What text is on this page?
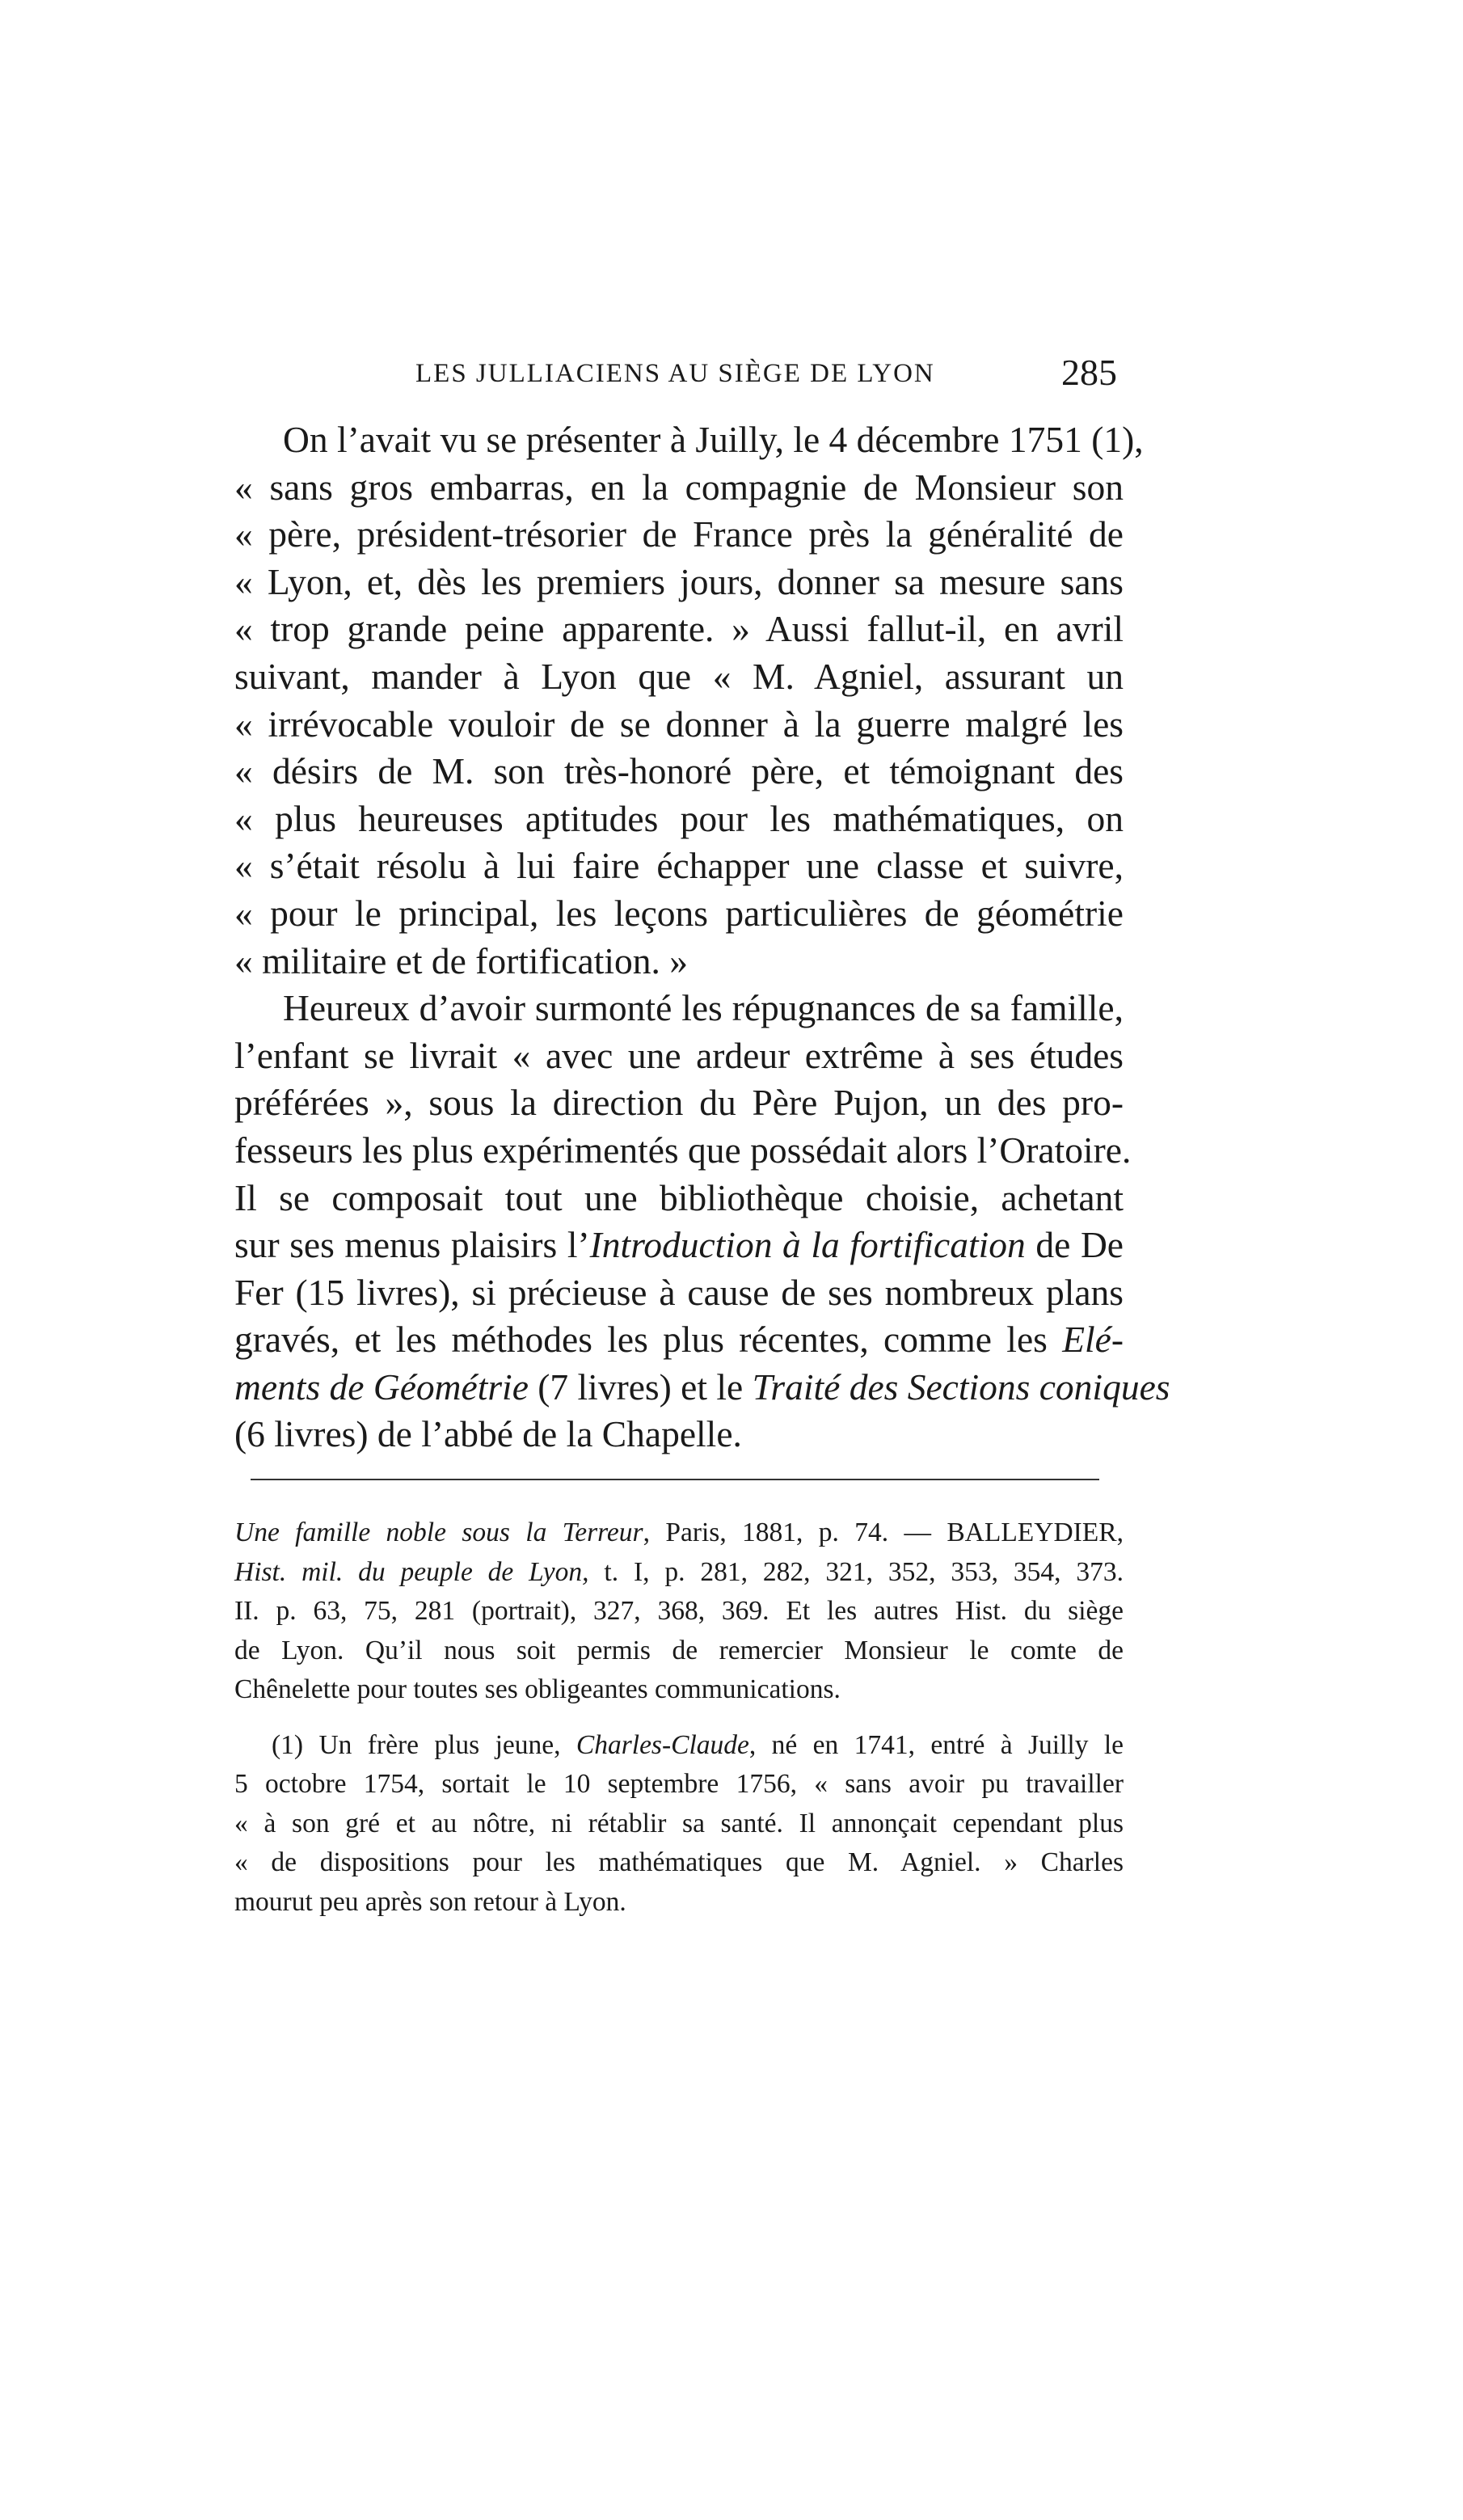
LES JULLIACIENS AU SIÈGE DE LYON	285
On l’avait vu se présenter à Juilly, le 4 décembre 1751 (1),
« sans gros embarras, en la compagnie de Monsieur son
« père, président-trésorier de France près la généralité de
« Lyon, et, dès les premiers jours, donner sa mesure sans
« trop grande peine apparente. » Aussi fallut-il, en avril
suivant, mander à Lyon que « M. Agniel, assurant un
« irrévocable vouloir de se donner à la guerre malgré les
« désirs de M. son très-honoré père, et témoignant des
« plus heureuses aptitudes pour les mathématiques, on
« s’était résolu à lui faire échapper une classe et suivre,
« pour le principal, les leçons particulières de géométrie
« militaire et de fortification. »
Heureux d’avoir surmonté les répugnances de sa famille,
l’enfant se livrait « avec une ardeur extrême à ses études
préférées », sous la direction du Père Pujon, un des pro-
fesseurs les plus expérimentés que possédait alors l’Oratoire.
Il se composait tout une bibliothèque choisie, achetant
sur ses menus plaisirs l’Introduction à la fortification de De
Fer (15 livres), si précieuse à cause de ses nombreux plans
gravés, et les méthodes les plus récentes, comme les Elé-
ments de Géométrie (7 livres) et le Traité des Sections coniques
(6 livres) de l’abbé de la Chapelle.
Une famille noble sous la Terreur, Paris, 1881, p. 74. — BALLEYDIER,
Hist. mil. du peuple de Lyon, t. I, p. 281, 282, 321, 352, 353, 354, 373.
II. p. 63, 75, 281 (portrait), 327, 368, 369. Et les autres Hist. du siège
de Lyon. Qu’il nous soit permis de remercier Monsieur le comte de
Chênelette pour toutes ses obligeantes communications.
(1) Un frère plus jeune, Charles-Claude, né en 1741, entré à Juilly le
5 octobre 1754, sortait le 10 septembre 1756, « sans avoir pu travailler
« à son gré et au nôtre, ni rétablir sa santé. Il annonçait cependant plus
« de dispositions pour les mathématiques que M. Agniel. » Charles
mourut peu après son retour à Lyon.
